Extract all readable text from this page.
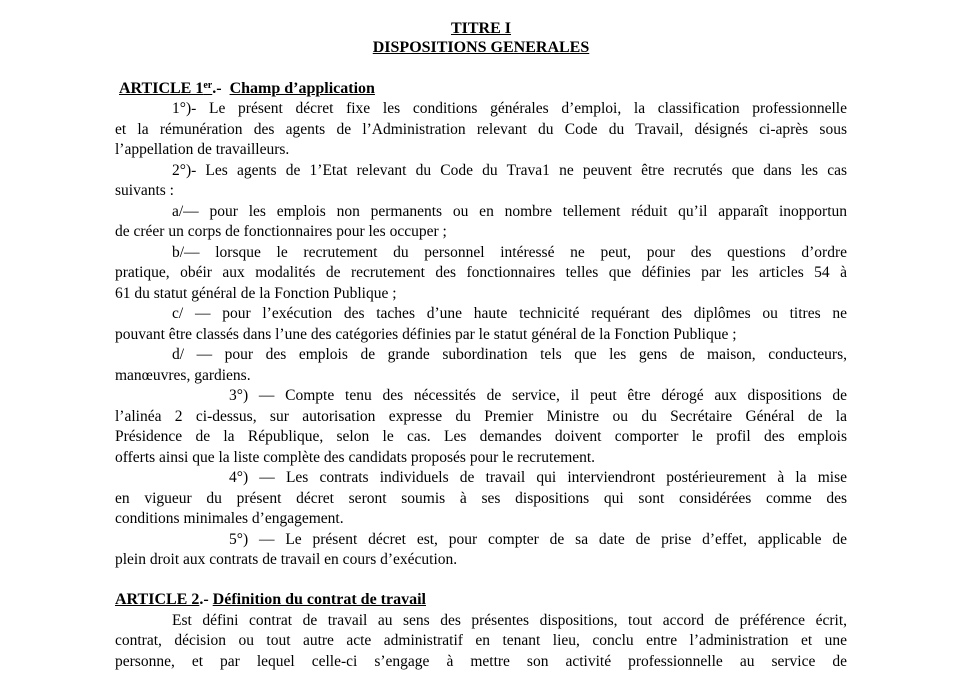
TITRE I
DISPOSITIONS GENERALES
ARTICLE 1er.- Champ d’application
1°)- Le présent décret fixe les conditions générales d’emploi, la classification professionnelle
et la rémunération des agents de l’Administration relevant du Code du Travail, désignés ci-après sous
l’appellation de travailleurs.
2°)- Les agents de 1’Etat relevant du Code du Trava1 ne peuvent être recrutés que dans les cas
suivants :
a/— pour les emplois non permanents ou en nombre tellement réduit qu’il apparaît inopportun
de créer un corps de fonctionnaires pour les occuper ;
b/— lorsque le recrutement du personnel intéressé ne peut, pour des questions d’ordre
pratique, obéir aux modalités de recrutement des fonctionnaires telles que définies par les articles 54 à
61 du statut général de la Fonction Publique ;
c/ — pour l’exécution des taches d’une haute technicité requérant des diplômes ou titres ne
pouvant être classés dans l’une des catégories définies par le statut général de la Fonction Publique ;
d/ — pour des emplois de grande subordination tels que les gens de maison, conducteurs,
manœuvres, gardiens.
3°) — Compte tenu des nécessités de service, il peut être dérogé aux dispositions de
l’alinéa 2 ci-dessus, sur autorisation expresse du Premier Ministre ou du Secrétaire Général de la
Présidence de la République, selon le cas. Les demandes doivent comporter le profil des emplois
offerts ainsi que la liste complète des candidats proposés pour le recrutement.
4°) — Les contrats individuels de travail qui interviendront postérieurement à la mise
en vigueur du présent décret seront soumis à ses dispositions qui sont considérées comme des
conditions minimales d’engagement.
5°) — Le présent décret est, pour compter de sa date de prise d’effet, applicable de
plein droit aux contrats de travail en cours d’exécution.
ARTICLE 2.- Définition du contrat de travail
Est défini contrat de travail au sens des présentes dispositions, tout accord de préférence écrit,
contrat, décision ou tout autre acte administratif en tenant lieu, conclu entre l’administration et une
personne, et par lequel celle-ci s’engage à mettre son activité professionnelle au service de
